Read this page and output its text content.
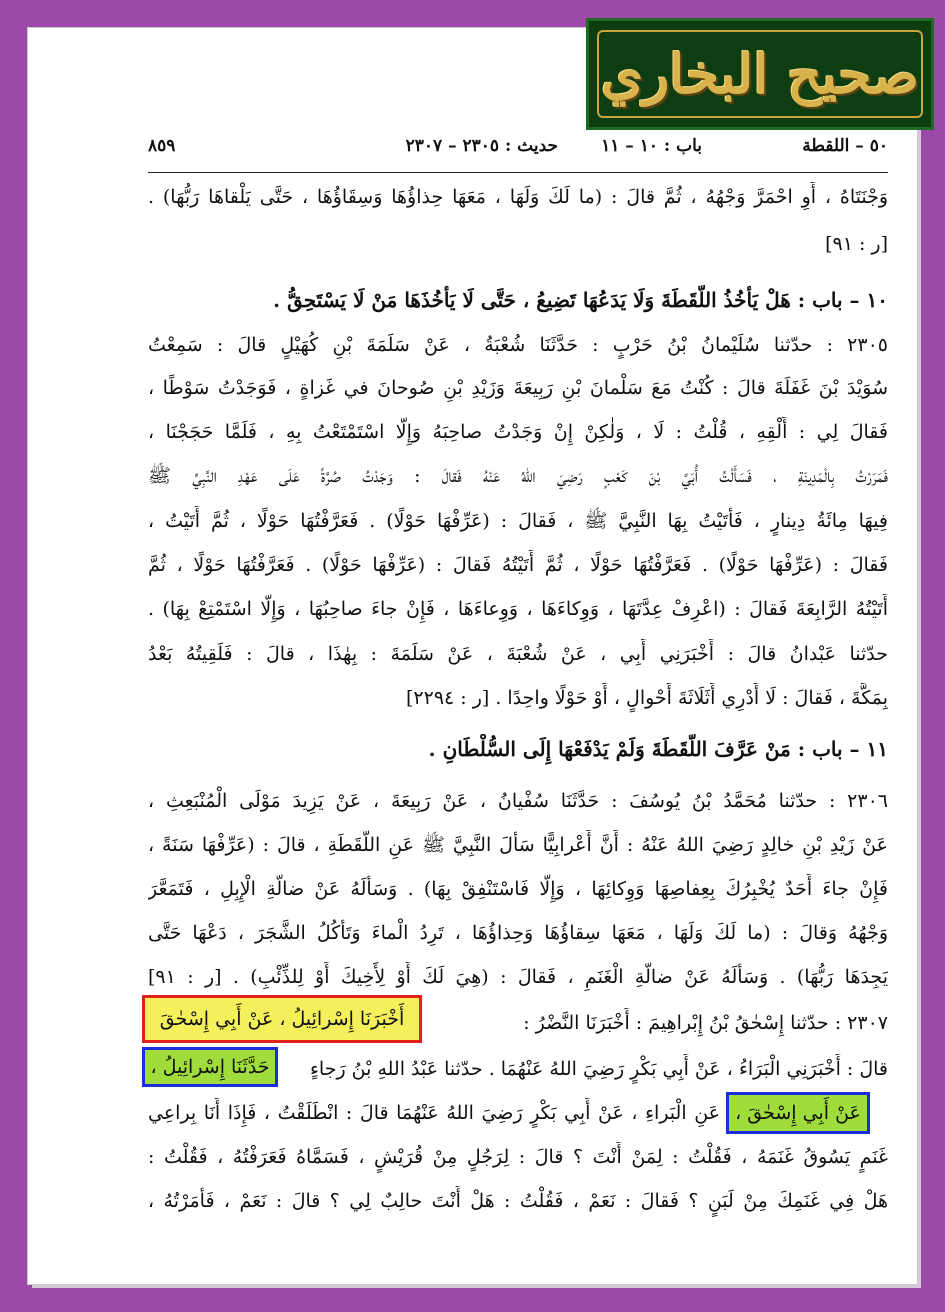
صحيح البخاري
٥٠ – اللقطة
باب : ١٠ – ١١
حديث : ٢٣٠٥ – ٢٣٠٧
٨٥٩
وَجْنَتَاهُ ، أَوِ احْمَرَّ وَجْهُهُ ، ثُمَّ قالَ : (ما لَكَ وَلَهَا ، مَعَهَا حِذاؤُهَا وَسِقَاؤُهَا ، حَتَّى يَلْقاهَا رَبُّهَا) .
[ر : ٩١]
١٠ – باب : هَلْ يَأْخُذُ اللُّقَطَةَ وَلَا يَدَعُهَا تَضِيعُ ، حَتَّى لَا يَأْخُذَهَا مَنْ لَا يَسْتَحِقُّ .
٢٣٠٥ : حدّثنا سُلَيْمانُ بْنُ حَرْبٍ : حَدَّثَنَا شُعْبَةُ ، عَنْ سَلَمَةَ بْنِ كُهَيْلٍ قالَ : سَمِعْتُ
سُوَيْدَ بْنَ غَفَلَةَ قالَ : كُنْتُ مَعَ سَلْمانَ بْنِ رَبِيعَةَ وَزَيْدِ بْنِ صُوحانَ في غَزاةٍ ، فَوَجَدْتُ سَوْطًا ،
فَقالَ لِي : أَلْقِهِ ، قُلْتُ : لَا ، وَلٰكِنْ إِنْ وَجَدْتُ صاحِبَهُ وَإِلَّا اسْتَمْتَعْتُ بِهِ ، فَلَمَّا حَجَجْنَا ،
فَمَرَرْتُ بِالْمَدِينَةِ ، فَسَأَلْتُ أُبَيَّ بْنَ كَعْبٍ رَضِيَ اللهُ عَنْهُ فَقالَ : وَجَدْتُ صُرَّةً عَلَى عَهْدِ النَّبِيِّ ﷺ
فِيهَا مِائَةُ دِينارٍ ، فَأَتَيْتُ بِهَا النَّبِيَّ ﷺ ، فَقالَ : (عَرِّفْهَا حَوْلًا) . فَعَرَّفْتُهَا حَوْلًا ، ثُمَّ أَتَيْتُ ،
فَقالَ : (عَرِّفْهَا حَوْلًا) . فَعَرَّفْتُهَا حَوْلًا ، ثُمَّ أَتَيْتُهُ فَقالَ : (عَرِّفْهَا حَوْلًا) . فَعَرَّفْتُهَا حَوْلًا ، ثُمَّ
أَتَيْتُهُ الرَّابِعَةَ فَقالَ : (اعْرِفْ عِدَّتَهَا ، وَوِكاءَهَا ، وَوِعاءَهَا ، فَإِنْ جاءَ صاحِبُهَا ، وَإِلَّا اسْتَمْتِعْ بِهَا) .
حدّثنا عَبْدانُ قالَ : أَخْبَرَنِي أَبِي ، عَنْ شُعْبَةَ ، عَنْ سَلَمَةَ : بِهٰذَا ، قالَ : فَلَقِيتُهُ بَعْدُ
بِمَكَّةَ ، فَقالَ : لَا أَدْرِي أَثَلَاثَةَ أَحْوالٍ ، أَوْ حَوْلًا واحِدًا . [ر : ٢٢٩٤]
١١ – باب : مَنْ عَرَّفَ اللُّقَطَةَ وَلَمْ يَدْفَعْهَا إِلَى السُّلْطَانِ .
٢٣٠٦ : حدّثنا مُحَمَّدُ بْنُ يُوسُفَ : حَدَّثَنَا سُفْيانُ ، عَنْ رَبِيعَةَ ، عَنْ يَزِيدَ مَوْلَى الْمُنْبَعِثِ ،
عَنْ زَيْدِ بْنِ خالِدٍ رَضِيَ اللهُ عَنْهُ : أَنَّ أَعْرابِيًّا سَأَلَ النَّبِيَّ ﷺ عَنِ اللُّقَطَةِ ، قالَ : (عَرِّفْهَا سَنَةً ،
فَإِنْ جاءَ أَحَدٌ يُخْبِرُكَ بِعِفاصِهَا وَوِكائِهَا ، وَإِلَّا فَاسْتَنْفِقْ بِهَا) . وَسَأَلَهُ عَنْ ضالَّةِ الْإِبِلِ ، فَتَمَعَّرَ
وَجْهُهُ وَقالَ : (ما لَكَ وَلَهَا ، مَعَهَا سِقاؤُهَا وَحِذاؤُهَا ، تَرِدُ الْماءَ وَتَأْكُلُ الشَّجَرَ ، دَعْهَا حَتَّى
يَجِدَهَا رَبُّهَا) . وَسَأَلَهُ عَنْ ضالَّةِ الْغَنَمِ ، فَقالَ : (هِيَ لَكَ أَوْ لِأَخِيكَ أَوْ لِلذِّئْبِ) . [ر : ٩١]
٢٣٠٧ : حدّثنا إِسْحٰقُ بْنُ إِبْراهِيمَ : أَخْبَرَنَا النَّضْرُ :
أَخْبَرَنَا إِسْرائِيلُ ، عَنْ أَبِي إِسْحٰقَ
قالَ : أَخْبَرَنِي الْبَرَاءُ ، عَنْ أَبِي بَكْرٍ رَضِيَ اللهُ عَنْهُمَا . حدّثنا عَبْدُ اللهِ بْنُ رَجاءٍ
حَدَّثَنَا إِسْرائِيلُ ،
عَنْ أَبِي إِسْحٰقَ ،
عَنِ الْبَراءِ ، عَنْ أَبِي بَكْرٍ رَضِيَ اللهُ عَنْهُمَا قالَ : انْطَلَقْتُ ، فَإِذَا أَنَا بِراعِي
غَنَمٍ يَسُوقُ غَنَمَهُ ، فَقُلْتُ : لِمَنْ أَنْتَ ؟ قالَ : لِرَجُلٍ مِنْ قُرَيْشٍ ، فَسَمَّاهُ فَعَرَفْتُهُ ، فَقُلْتُ :
هَلْ فِي غَنَمِكَ مِنْ لَبَنٍ ؟ فَقالَ : نَعَمْ ، فَقُلْتُ : هَلْ أَنْتَ حالِبٌ لِي ؟ قالَ : نَعَمْ ، فَأَمَرْتُهُ ،
